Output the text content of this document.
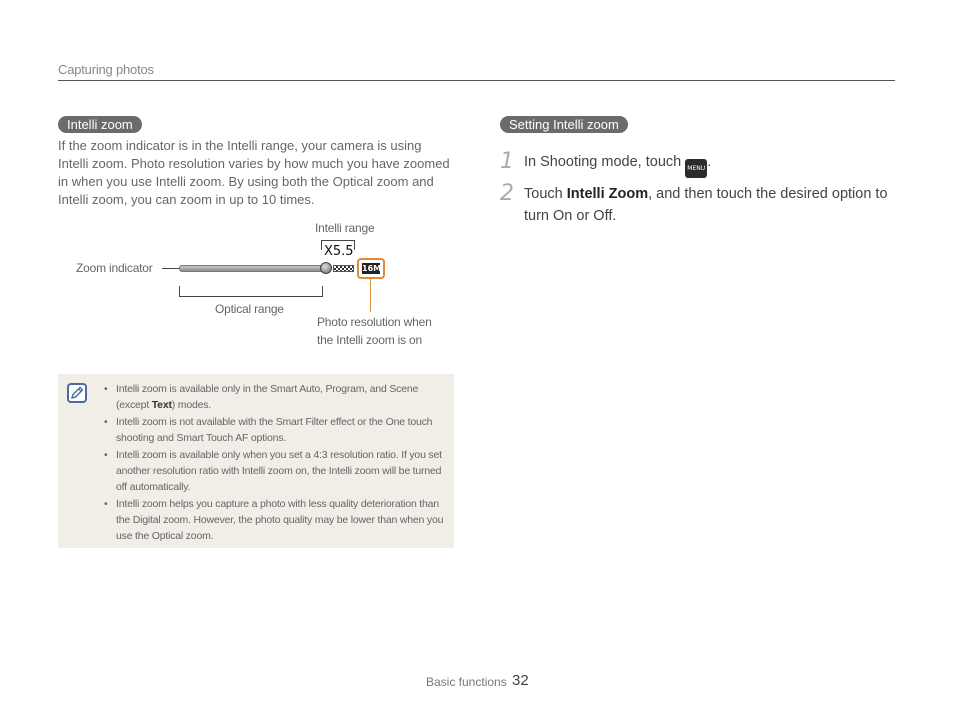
Capturing photos
Intelli zoom
If the zoom indicator is in the Intelli range, your camera is using Intelli zoom. Photo resolution varies by how much you have zoomed in when you use Intelli zoom. By using both the Optical zoom and Intelli zoom, you can zoom in up to 10 times.
Intelli range
X5.5
Zoom indicator	16M
Optical range
Photo resolution when the Intelli zoom is on
• Intelli zoom is available only in the Smart Auto, Program, and Scene (except Text) modes.
• Intelli zoom is not available with the Smart Filter effect or the One touch shooting and Smart Touch AF options.
• Intelli zoom is available only when you set a 4:3 resolution ratio. If you set another resolution ratio with Intelli zoom on, the Intelli zoom will be turned off automatically.
• Intelli zoom helps you capture a photo with less quality deterioration than the Digital zoom. However, the photo quality may be lower than when you use the Optical zoom.
Setting Intelli zoom
1 In Shooting mode, touch MENU .
2 Touch Intelli Zoom, and then touch the desired option to turn On or Off.
Basic functions 32
